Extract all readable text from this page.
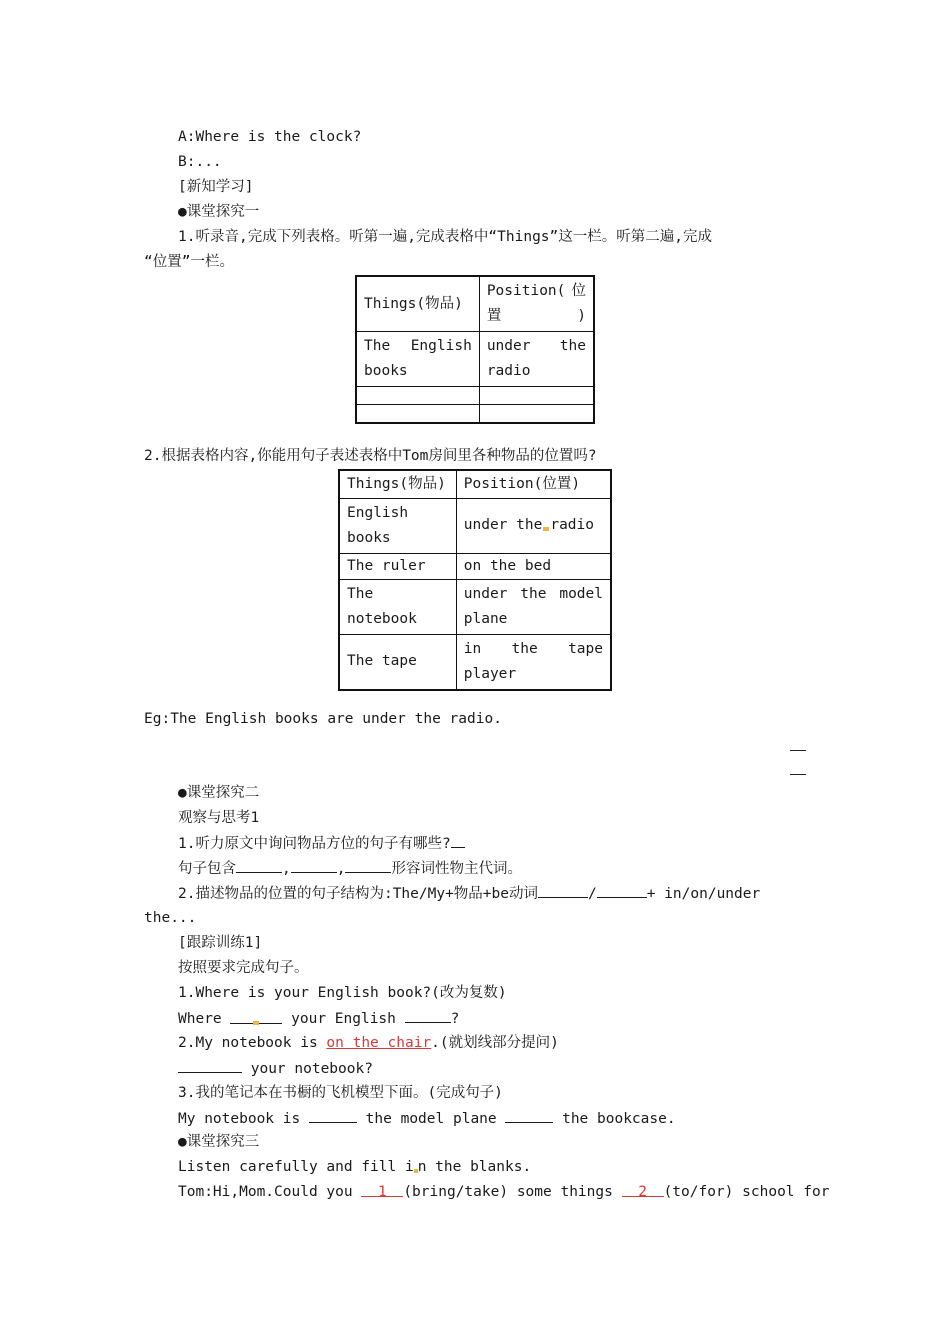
A:Where is the clock?
B:...
[新知学习]
●课堂探究一
1.听录音,完成下列表格。听第一遍,完成表格中“Things”这一栏。听第二遍,完成
“位置”一栏。
Things(物品)	Position(位置)
The English books	under the radio

2.根据表格内容,你能用句子表述表格中Tom房间里各种物品的位置吗?
Things(物品)	Position(位置)
English books	under the radio
The ruler	on the bed
The notebook	under the model plane
The tape	in the tape player
Eg:The English books are under the radio.
●课堂探究二
观察与思考1
1.听力原文中询问物品方位的句子有哪些?
句子包含	,	,	形容词性物主代词。
2.描述物品的位置的句子结构为:The/My+物品+be动词	/	+ in/on/under
the...
[跟踪训练1]
按照要求完成句子。
1.Where is your English book?(改为复数)
Where	your English	?
2.My notebook is on the chair.(就划线部分提问)
your notebook?
3.我的笔记本在书橱的飞机模型下面。(完成句子)
My notebook is	the model plane	the bookcase.
●课堂探究三
Listen carefully and fill i n the blanks.
Tom:Hi,Mom.Could you 1 (bring/take) some things 2 (to/for) school for
